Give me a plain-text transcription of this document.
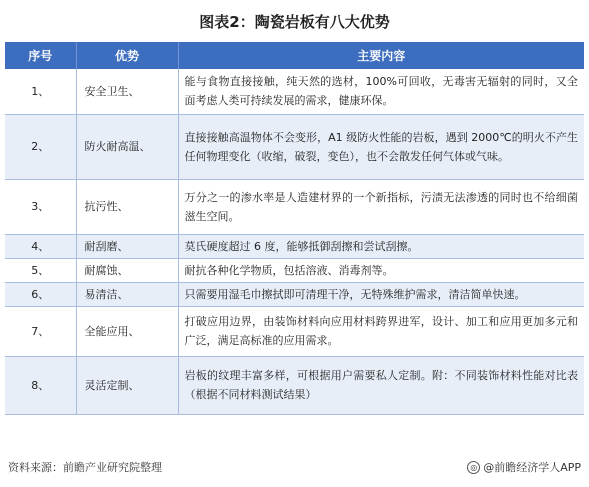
图表2：陶瓷岩板有八大优势
序号	优势	主要内容
1、	安全卫生、	能与食物直接接触，纯天然的选材，100%可回收，无毒害无辐射的同时，又全面考虑人类可持续发展的需求，健康环保。
2、	防火耐高温、	直接接触高温物体不会变形，A1 级防火性能的岩板，遇到 2000℃的明火不产生任何物理变化（收缩，破裂，变色），也不会散发任何气体或气味。
3、	抗污性、	万分之一的渗水率是人造建材界的一个新指标，污渍无法渗透的同时也不给细菌滋生空间。
4、	耐刮磨、	莫氏硬度超过 6 度，能够抵御刮擦和尝试刮擦。
5、	耐腐蚀、	耐抗各种化学物质，包括溶液、消毒剂等。
6、	易清洁、	只需要用湿毛巾擦拭即可清理干净，无特殊维护需求，清洁简单快速。
7、	全能应用、	打破应用边界，由装饰材料向应用材料跨界进军，设计、加工和应用更加多元和广泛，满足高标准的应用需求。
8、	灵活定制、	岩板的纹理丰富多样，可根据用户需要私人定制。附：不同装饰材料性能对比表（根据不同材料测试结果）
资料来源：前瞻产业研究院整理	◎ @前瞻经济学人APP
